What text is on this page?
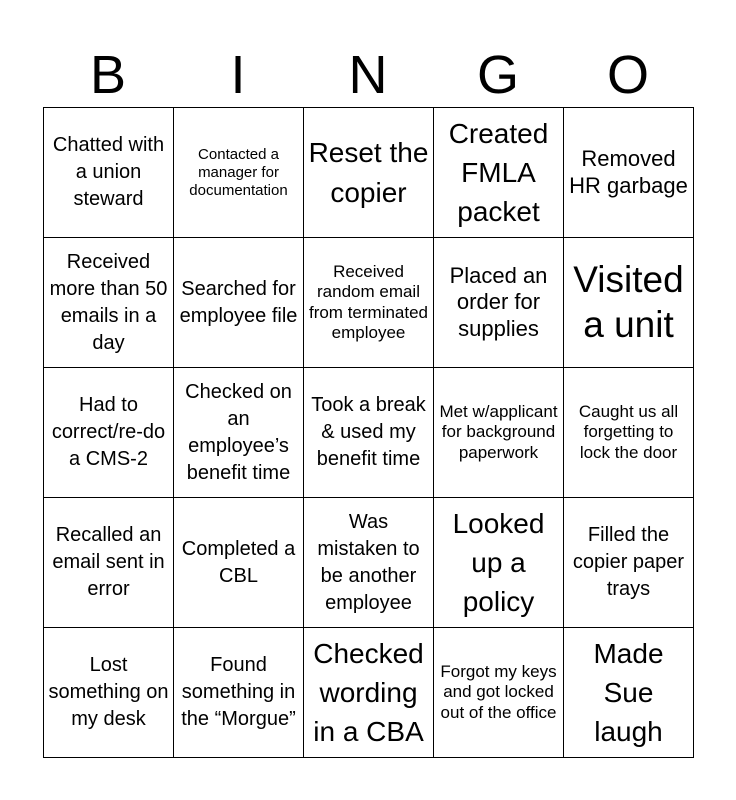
B	I	N	G	O
Chatted with a union steward	Contacted a manager for documentation	Reset the copier	Created FMLA packet	Removed HR garbage
Received more than 50 emails in a day	Searched for employee file	Received random email from terminated employee	Placed an order for supplies	Visited a unit
Had to correct/re-do a CMS-2	Checked on an employee’s benefit time	Took a break & used my benefit time	Met w/applicant for background paperwork	Caught us all forgetting to lock the door
Recalled an email sent in error	Completed a CBL	Was mistaken to be another employee	Looked up a policy	Filled the copier paper trays
Lost something on my desk	Found something in the “Morgue”	Checked wording in a CBA	Forgot my keys and got locked out of the office	Made Sue laugh
